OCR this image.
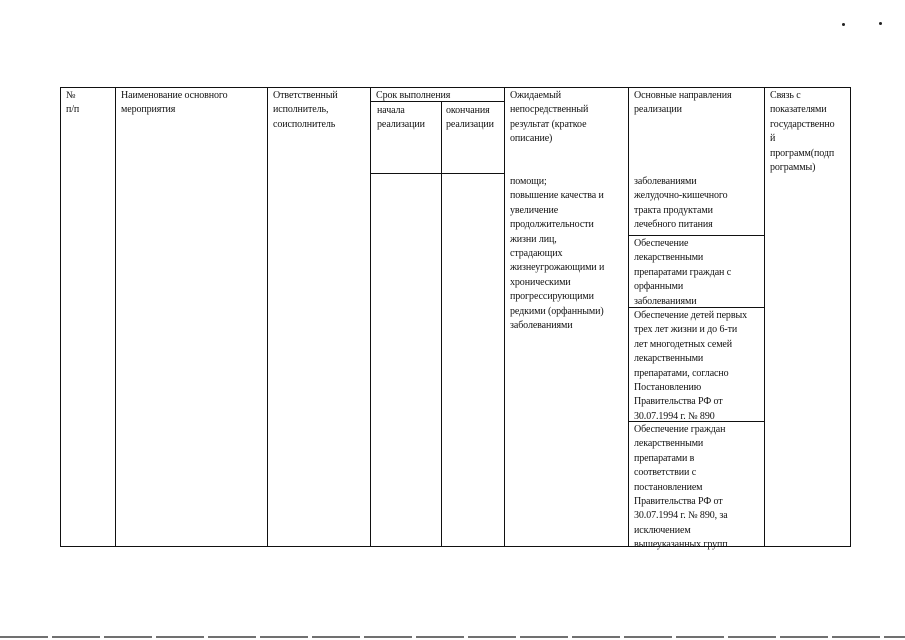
№
п/п
Наименование основного
мероприятия
Ответственный
исполнитель,
соисполнитель
Срок выполнения
начала
реализации
окончания
реализации
Ожидаемый
непосредственный
результат (краткое
описание)
Основные направления
реализации
Связь с
показателями
государственно
й
программ(подп
рограммы)
помощи;
повышение качества и
увеличение
продолжительности
жизни лиц,
страдающих
жизнеугрожающими и
хроническими
прогрессирующими
редкими (орфанными)
заболеваниями
заболеваниями
желудочно-кишечного
тракта продуктами
лечебного питания
Обеспечение
лекарственными
препаратами граждан с
орфанными
заболеваниями
Обеспечение детей первых
трех лет жизни и до 6-ти
лет многодетных семей
лекарственными
препаратами, согласно
Постановлению
Правительства РФ от
30.07.1994 г. № 890
Обеспечение граждан
лекарственными
препаратами в
соответствии с
постановлением
Правительства РФ от
30.07.1994 г. № 890, за
исключением
вышеуказанных групп
